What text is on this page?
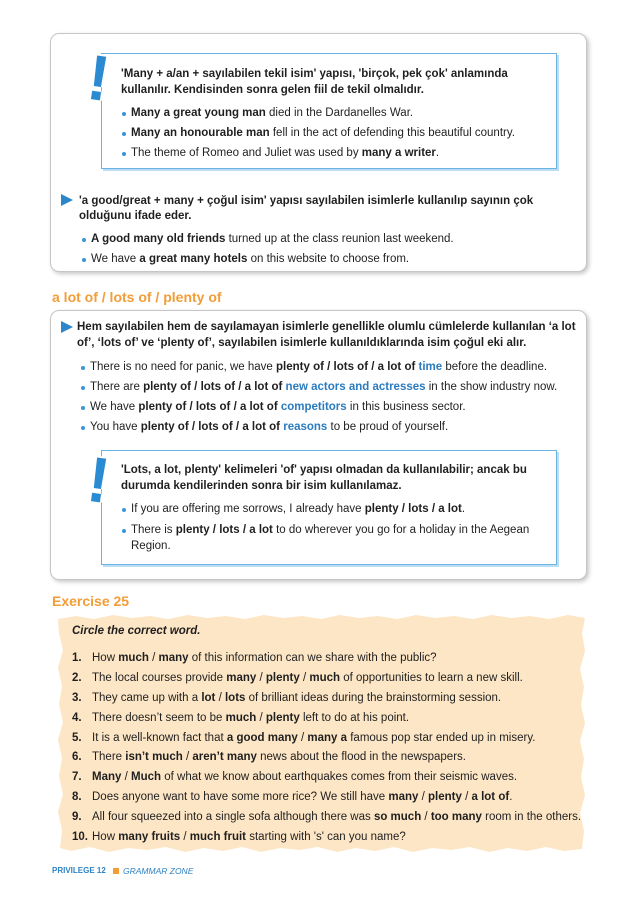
! 'Many + a/an + sayılabilen tekil isim' yapısı, 'birçok, pek çok' anlamında
kullanılır. Kendisinden sonra gelen fiil de tekil olmalıdır.
Many a great young man died in the Dardanelles War.
Many an honourable man fell in the act of defending this beautiful country.
The theme of Romeo and Juliet was used by many a writer.
'a good/great + many + çoğul isim' yapısı sayılabilen isimlerle kullanılıp sayının çok
olduğunu ifade eder.
A good many old friends turned up at the class reunion last weekend.
We have a great many hotels on this website to choose from.
a lot of / lots of / plenty of
Hem sayılabilen hem de sayılamayan isimlerle genellikle olumlu cümlelerde kullanılan ‘a lot
of’, ‘lots of’ ve ‘plenty of’, sayılabilen isimlerle kullanıldıklarında isim çoğul eki alır.
There is no need for panic, we have plenty of / lots of / a lot of time before the deadline.
There are plenty of / lots of / a lot of new actors and actresses in the show industry now.
We have plenty of / lots of / a lot of competitors in this business sector.
You have plenty of / lots of / a lot of reasons to be proud of yourself.
! 'Lots, a lot, plenty' kelimeleri 'of' yapısı olmadan da kullanılabilir; ancak bu
durumda kendilerinden sonra bir isim kullanılamaz.
If you are offering me sorrows, I already have plenty / lots / a lot.
There is plenty / lots / a lot to do wherever you go for a holiday in the Aegean
Region.
Exercise 25
Circle the correct word.
1. How much / many of this information can we share with the public?
2. The local courses provide many / plenty / much of opportunities to learn a new skill.
3. They came up with a lot / lots of brilliant ideas during the brainstorming session.
4. There doesn’t seem to be much / plenty left to do at his point.
5. It is a well-known fact that a good many / many a famous pop star ended up in misery.
6. There isn’t much / aren’t many news about the flood in the newspapers.
7. Many / Much of what we know about earthquakes comes from their seismic waves.
8. Does anyone want to have some more rice? We still have many / plenty / a lot of.
9. All four squeezed into a single sofa although there was so much / too many room in the others.
10. How many fruits / much fruit starting with 's' can you name?
PRIVILEGE 12 GRAMMAR ZONE
